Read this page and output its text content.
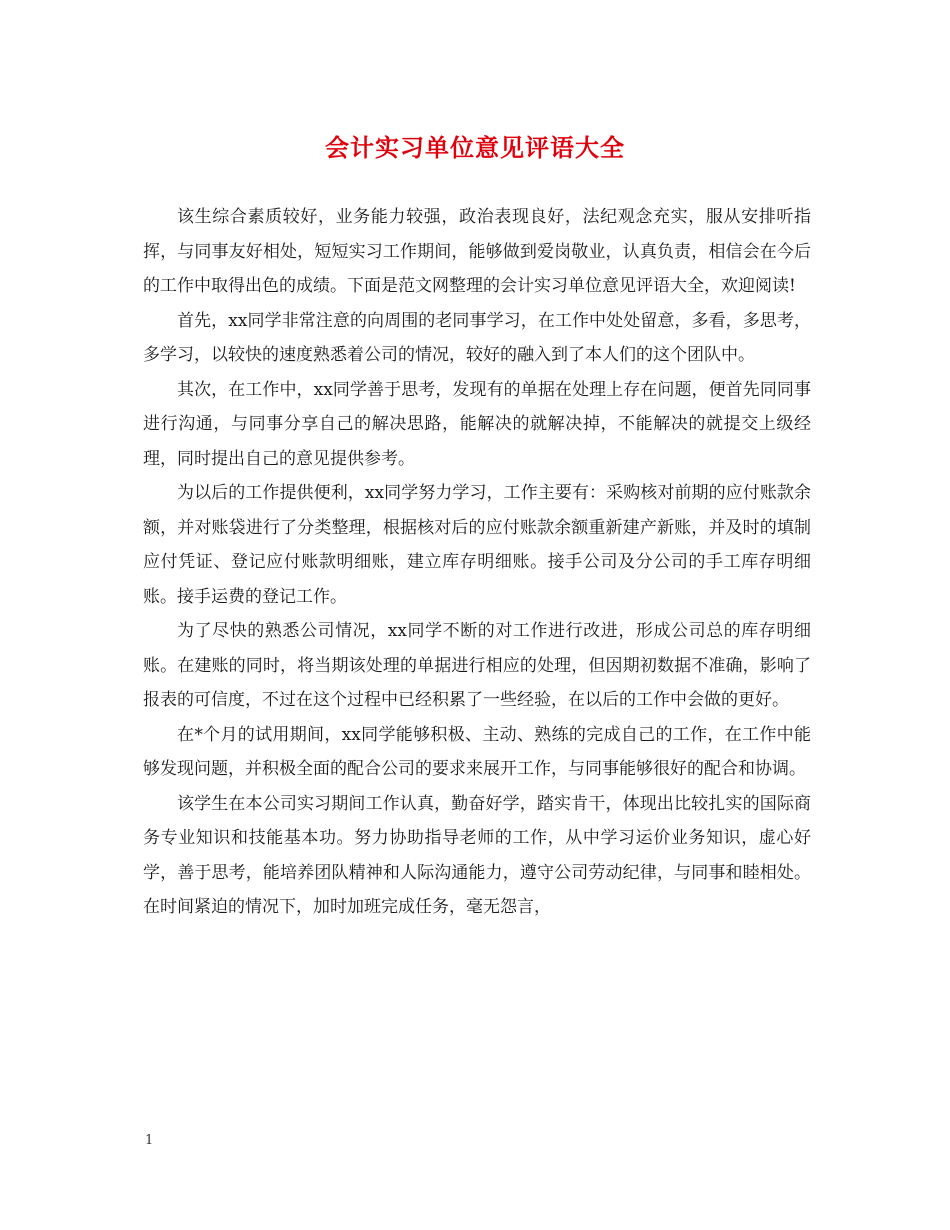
会计实习单位意见评语大全

该生综合素质较好，业务能力较强，政治表现良好，法纪观念充实，服从安排听指挥，与同事友好相处，短短实习工作期间，能够做到爱岗敬业，认真负责，相信会在今后的工作中取得出色的成绩。下面是范文网整理的会计实习单位意见评语大全，欢迎阅读!

首先，xx同学非常注意的向周围的老同事学习，在工作中处处留意，多看，多思考，多学习，以较快的速度熟悉着公司的情况，较好的融入到了本人们的这个团队中。

其次，在工作中，xx同学善于思考，发现有的单据在处理上存在问题，便首先同同事进行沟通，与同事分享自己的解决思路，能解决的就解决掉，不能解决的就提交上级经理，同时提出自己的意见提供参考。

为以后的工作提供便利，xx同学努力学习，工作主要有：采购核对前期的应付账款余额，并对账袋进行了分类整理，根据核对后的应付账款余额重新建产新账，并及时的填制应付凭证、登记应付账款明细账，建立库存明细账。接手公司及分公司的手工库存明细账。接手运费的登记工作。

为了尽快的熟悉公司情况，xx同学不断的对工作进行改进，形成公司总的库存明细账。在建账的同时，将当期该处理的单据进行相应的处理，但因期初数据不准确，影响了报表的可信度，不过在这个过程中已经积累了一些经验，在以后的工作中会做的更好。

在*个月的试用期间，xx同学能够积极、主动、熟练的完成自己的工作，在工作中能够发现问题，并积极全面的配合公司的要求来展开工作，与同事能够很好的配合和协调。

该学生在本公司实习期间工作认真，勤奋好学，踏实肯干，体现出比较扎实的国际商务专业知识和技能基本功。努力协助指导老师的工作，从中学习运价业务知识，虚心好学，善于思考，能培养团队精神和人际沟通能力，遵守公司劳动纪律，与同事和睦相处。在时间紧迫的情况下，加时加班完成任务，毫无怨言，

1
